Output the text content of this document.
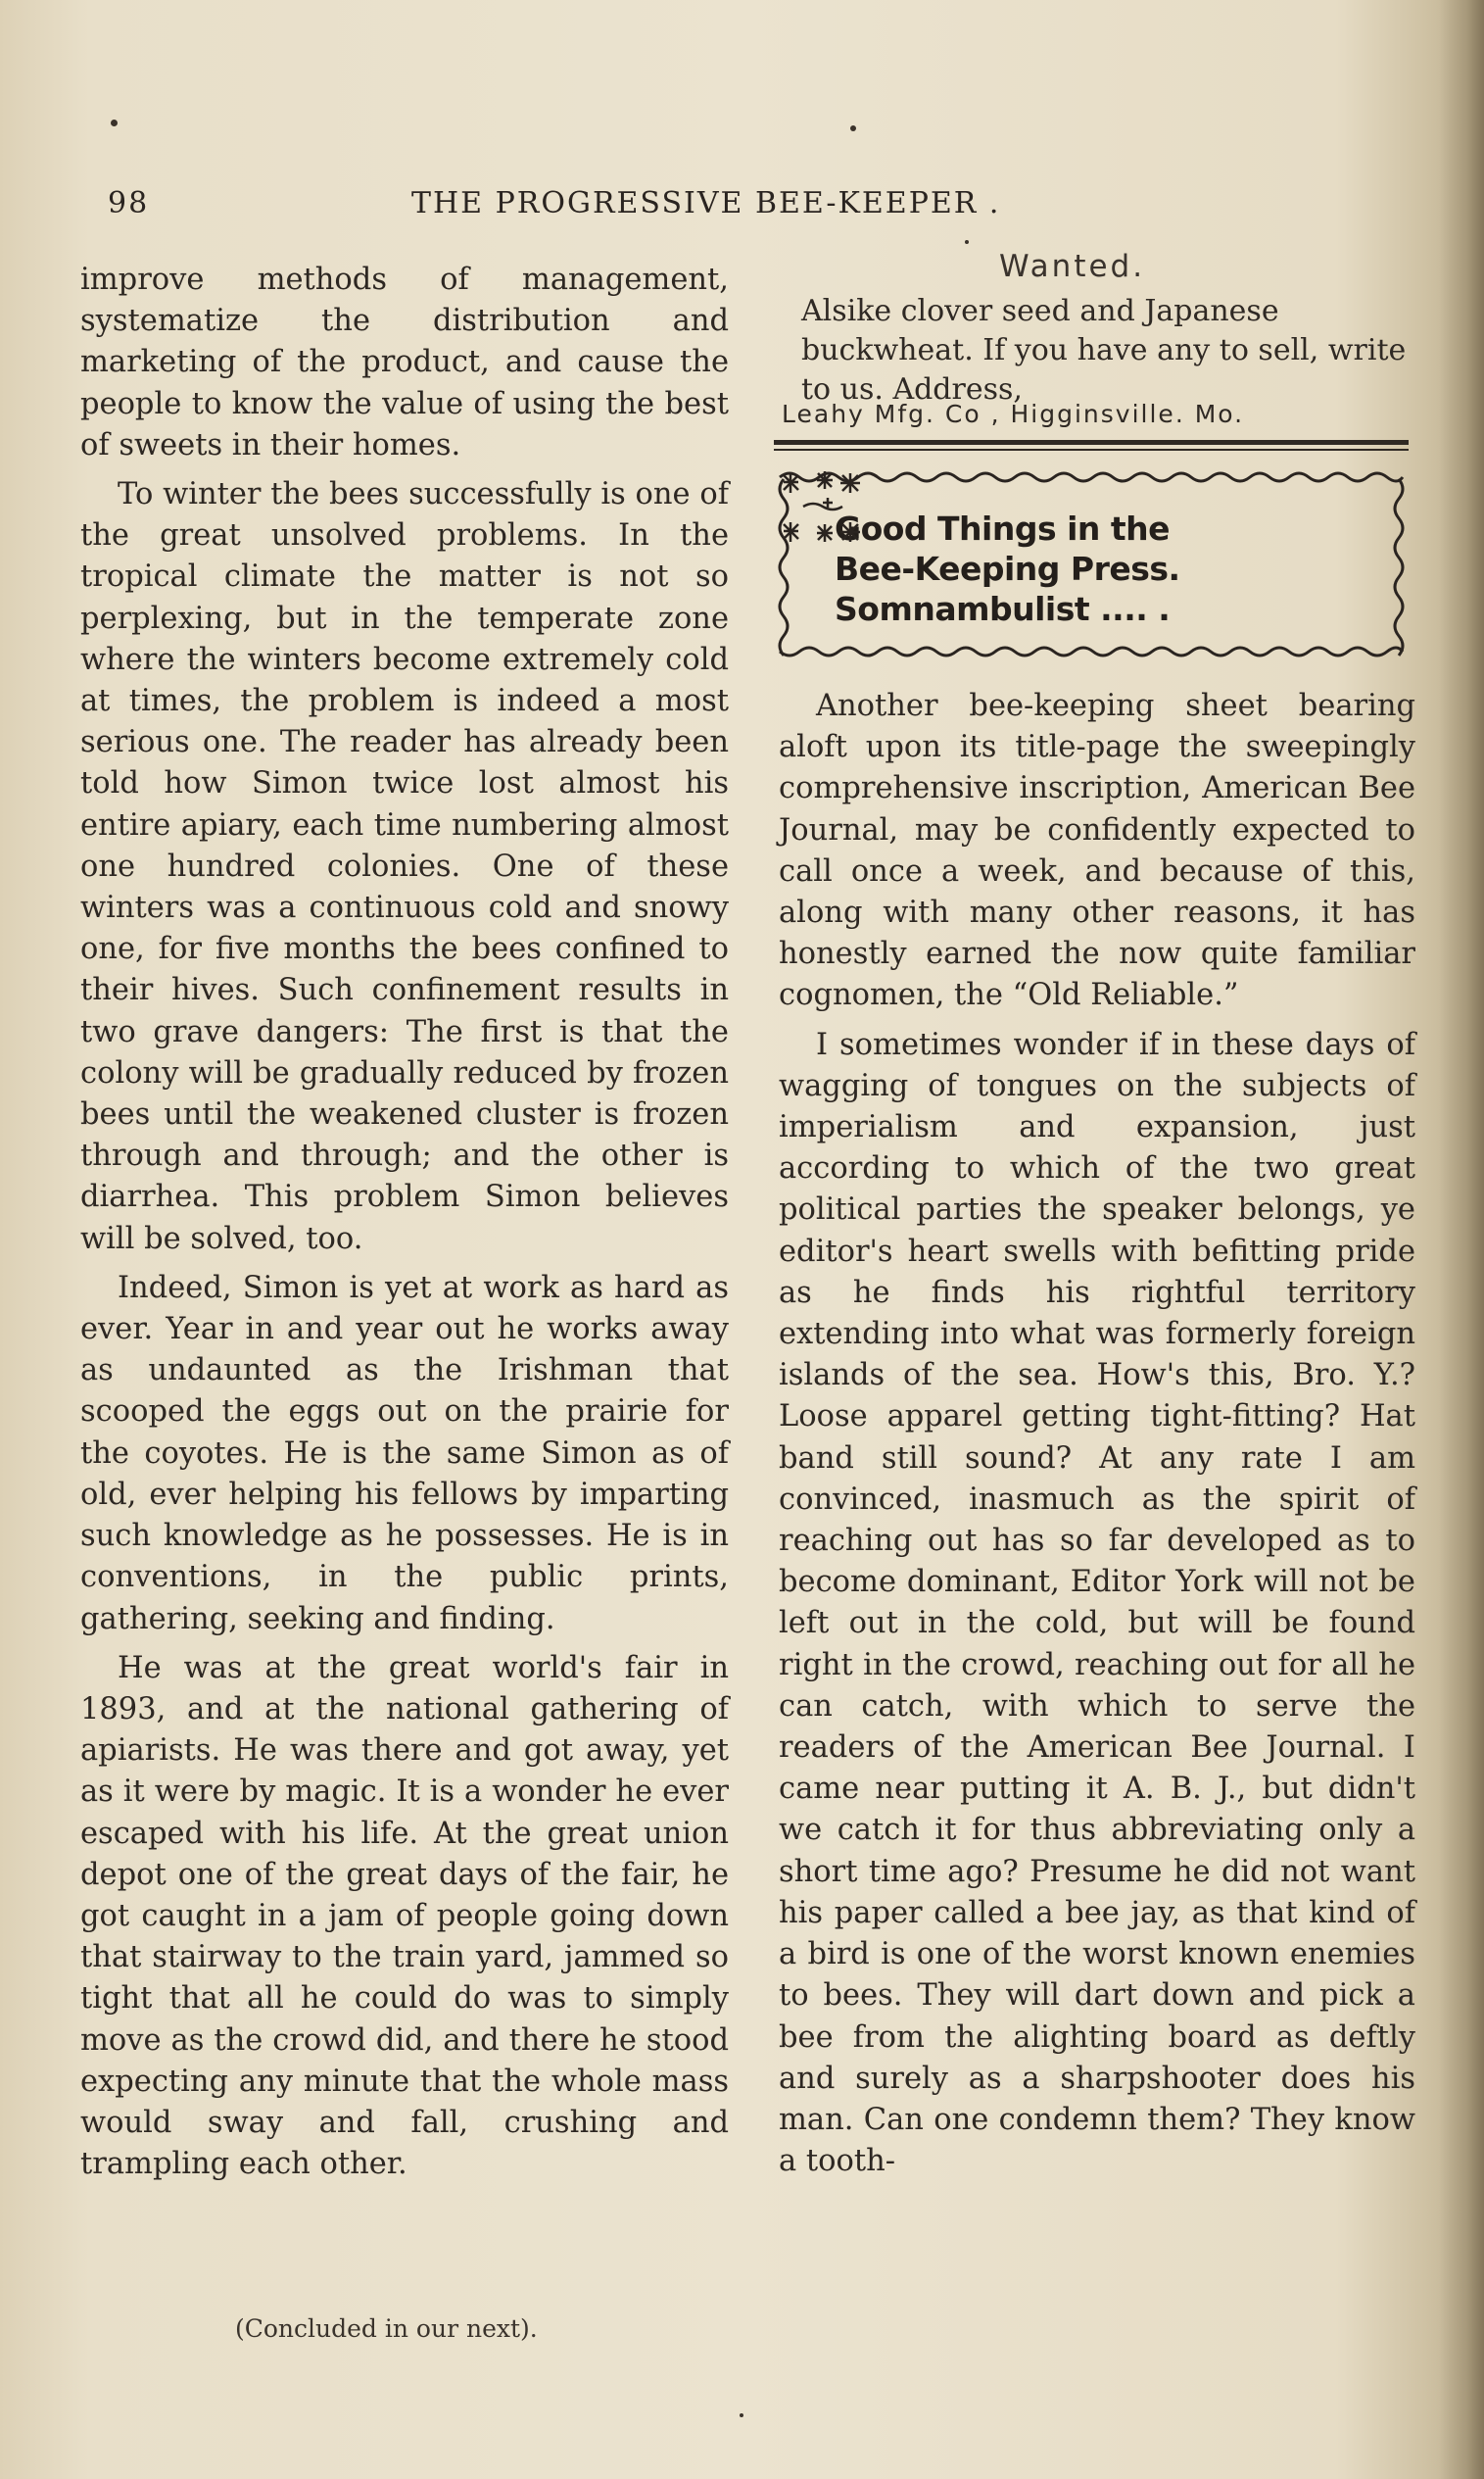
98	THE PROGRESSIVE BEE-KEEPER .

improve methods of management, systematize the distribution and marketing of the product, and cause the people to know the value of using the best of sweets in their homes.

To winter the bees successfully is one of the great unsolved problems. In the tropical climate the matter is not so perplexing, but in the temperate zone where the winters become extremely cold at times, the problem is indeed a most serious one. The reader has already been told how Simon twice lost almost his entire apiary, each time numbering almost one hundred colonies. One of these winters was a continuous cold and snowy one, for five months the bees confined to their hives. Such confinement results in two grave dangers: The first is that the colony will be gradually reduced by frozen bees until the weakened cluster is frozen through and through; and the other is diarrhea. This problem Simon believes will be solved, too.

Indeed, Simon is yet at work as hard as ever. Year in and year out he works away as undaunted as the Irishman that scooped the eggs out on the prairie for the coyotes. He is the same Simon as of old, ever helping his fellows by imparting such knowledge as he possesses. He is in conventions, in the public prints, gathering, seeking and finding.

He was at the great world's fair in 1893, and at the national gathering of apiarists. He was there and got away, yet as it were by magic. It is a wonder he ever escaped with his life. At the great union depot one of the great days of the fair, he got caught in a jam of people going down that stairway to the train yard, jammed so tight that all he could do was to simply move as the crowd did, and there he stood expecting any minute that the whole mass would sway and fall, crushing and trampling each other.

(Concluded in our next).
Wanted.
Alsike clover seed and Japanese buckwheat. If you have any to sell, write to us. Address,
Leahy Mfg. Co , Higginsville. Mo.
Good Things in the
Bee-Keeping Press.
Somnambulist .... .

Another bee-keeping sheet bearing aloft upon its title-page the sweepingly comprehensive inscription, American Bee Journal, may be confidently expected to call once a week, and because of this, along with many other reasons, it has honestly earned the now quite familiar cognomen, the “Old Reliable.”

I sometimes wonder if in these days of wagging of tongues on the subjects of imperialism and expansion, just according to which of the two great political parties the speaker belongs, ye editor's heart swells with befitting pride as he finds his rightful territory extending into what was formerly foreign islands of the sea. How's this, Bro. Y.? Loose apparel getting tight-fitting? Hat band still sound? At any rate I am convinced, inasmuch as the spirit of reaching out has so far developed as to become dominant, Editor York will not be left out in the cold, but will be found right in the crowd, reaching out for all he can catch, with which to serve the readers of the American Bee Journal. I came near putting it A. B. J., but didn't we catch it for thus abbreviating only a short time ago? Presume he did not want his paper called a bee jay, as that kind of a bird is one of the worst known enemies to bees. They will dart down and pick a bee from the alighting board as deftly and surely as a sharpshooter does his man. Can one condemn them? They know a tooth-
